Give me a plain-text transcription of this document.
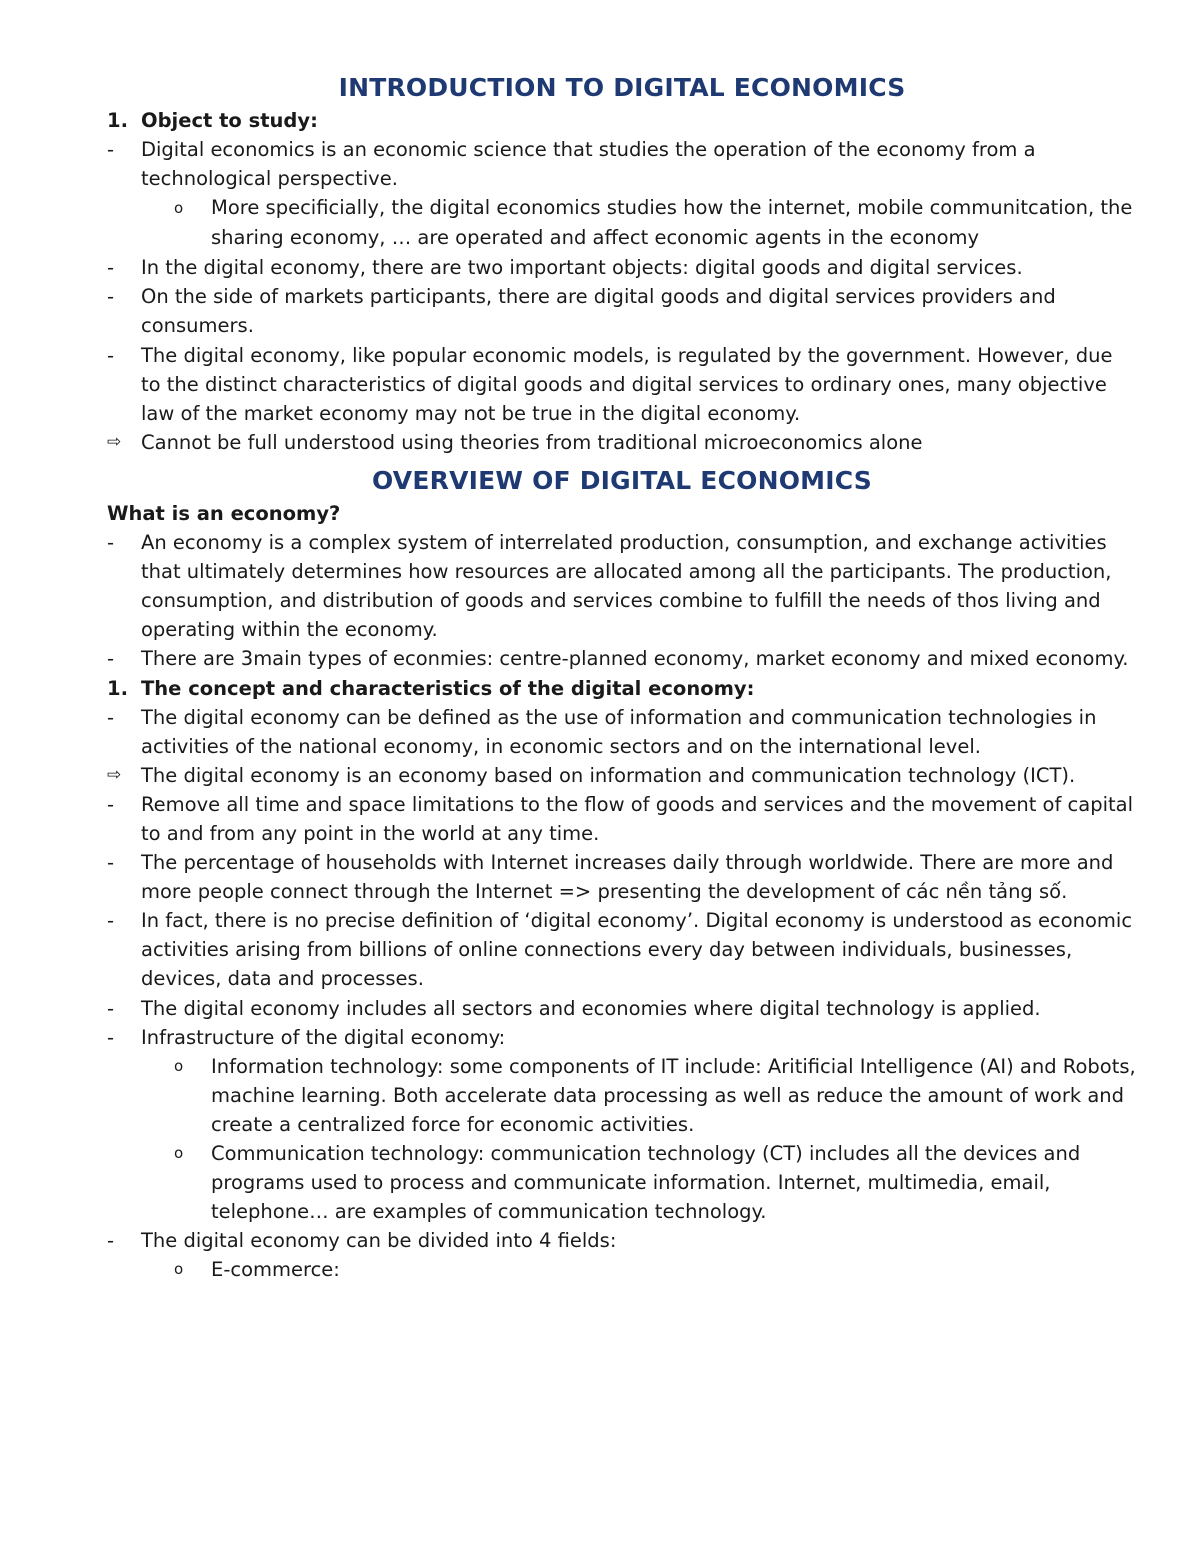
INTRODUCTION TO DIGITAL ECONOMICS

1. Object to study:

-	Digital economics is an economic science that studies the operation of the economy from a technological perspective.

o More specificially, the digital economics studies how the internet, mobile communitcation, the sharing economy, … are operated and affect economic agents in the economy

-	In the digital economy, there are two important objects: digital goods and digital services.

-	On the side of markets participants, there are digital goods and digital services providers and consumers.

-	The digital economy, like popular economic models, is regulated by the government. However, due to the distinct characteristics of digital goods and digital services to ordinary ones, many objective law of the market economy may not be true in the digital economy.

⇨	Cannot be full understood using theories from traditional microeconomics alone

OVERVIEW OF DIGITAL ECONOMICS

What is an economy?

-	An economy is a complex system of interrelated production, consumption, and exchange activities that ultimately determines how resources are allocated among all the participants. The production, consumption, and distribution of goods and services combine to fulfill the needs of thos living and operating within the economy.

-	There are 3main types of econmies: centre-planned economy, market economy and mixed economy.

1. The concept and characteristics of the digital economy:

-	The digital economy can be defined as the use of information and communication technologies in activities of the national economy, in economic sectors and on the international level.

⇨	The digital economy is an economy based on information and communication technology (ICT).

-	Remove all time and space limitations to the flow of goods and services and the movement of capital to and from any point in the world at any time.

-	The percentage of households with Internet increases daily through worldwide. There are more and more people connect through the Internet => presenting the development of các nền tảng số.

-	In fact, there is no precise definition of ‘digital economy’. Digital economy is understood as economic activities arising from billions of online connections every day between individuals, businesses, devices, data and processes.

-	The digital economy includes all sectors and economies where digital technology is applied.

-	Infrastructure of the digital economy:

o Information technology: some components of IT include: Aritificial Intelligence (AI) and Robots, machine learning. Both accelerate data processing as well as reduce the amount of work and create a centralized force for economic activities.

o Communication technology: communication technology (CT) includes all the devices and programs used to process and communicate information. Internet, multimedia, email, telephone… are examples of communication technology.

-	The digital economy can be divided into 4 fields:

o E-commerce:
